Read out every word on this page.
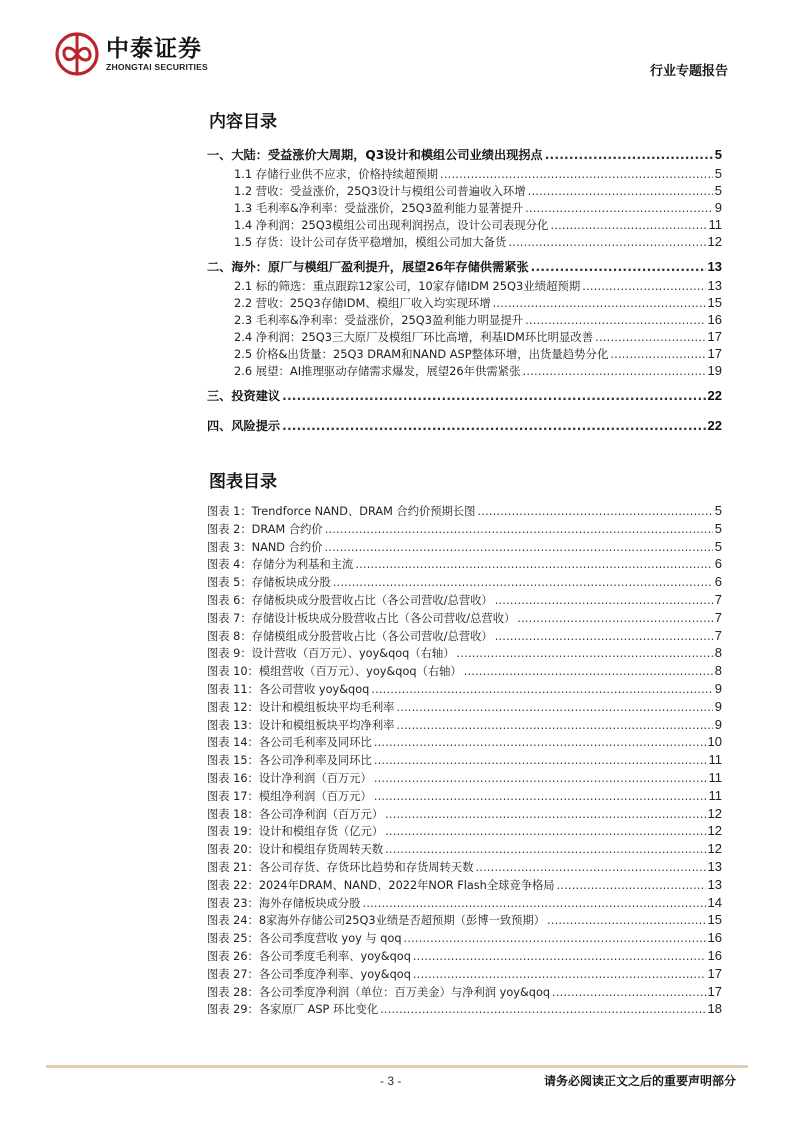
中泰证券
ZHONGTAI SECURITIES	行业专题报告
内容目录
一、大陆：受益涨价大周期，Q3设计和模组公司业绩出现拐点 .....	5
1.1 存储行业供不应求，价格持续超预期 .....	5
1.2 营收：受益涨价，25Q3设计与模组公司普遍收入环增 .....	5
1.3 毛利率&净利率：受益涨价，25Q3盈利能力显著提升 .....	9
1.4 净利润：25Q3模组公司出现利润拐点，设计公司表现分化 .....	11
1.5 存货：设计公司存货平稳增加，模组公司加大备货 .....	12
二、海外：原厂与模组厂盈利提升，展望26年存储供需紧张 .....	13
2.1 标的筛选：重点跟踪12家公司，10家存储IDM 25Q3业绩超预期 .....	13
2.2 营收：25Q3存储IDM、模组厂收入均实现环增 .....	15
2.3 毛利率&净利率：受益涨价，25Q3盈利能力明显提升 .....	16
2.4 净利润：25Q3三大原厂及模组厂环比高增，利基IDM环比明显改善 .....	17
2.5 价格&出货量：25Q3 DRAM和NAND ASP整体环增，出货量趋势分化 .....	17
2.6 展望：AI推理驱动存储需求爆发，展望26年供需紧张 .....	19
三、投资建议 .....	22
四、风险提示 .....	22
图表目录
图表 1：Trendforce NAND、DRAM 合约价预期长图 .....	5
图表 2：DRAM 合约价 .....	5
图表 3：NAND 合约价 .....	5
图表 4：存储分为利基和主流 .....	6
图表 5：存储板块成分股 .....	6
图表 6：存储板块成分股营收占比（各公司营收/总营收） .....	7
图表 7：存储设计板块成分股营收占比（各公司营收/总营收） .....	7
图表 8：存储模组成分股营收占比（各公司营收/总营收） .....	7
图表 9：设计营收（百万元）、yoy&qoq（右轴） .....	8
图表 10：模组营收（百万元）、yoy&qoq（右轴） .....	8
图表 11：各公司营收 yoy&qoq .....	9
图表 12：设计和模组板块平均毛利率 .....	9
图表 13：设计和模组板块平均净利率 .....	9
图表 14：各公司毛利率及同环比 .....	10
图表 15：各公司净利率及同环比 .....	11
图表 16：设计净利润（百万元） .....	11
图表 17：模组净利润（百万元） .....	11
图表 18：各公司净利润（百万元） .....	12
图表 19：设计和模组存货（亿元） .....	12
图表 20：设计和模组存货周转天数 .....	12
图表 21：各公司存货、存货环比趋势和存货周转天数 .....	13
图表 22：2024年DRAM、NAND、2022年NOR Flash全球竞争格局 .....	13
图表 23：海外存储板块成分股 .....	14
图表 24：8家海外存储公司25Q3业绩是否超预期（彭博一致预期） .....	15
图表 25：各公司季度营收 yoy 与 qoq .....	16
图表 26：各公司季度毛利率、yoy&qoq .....	16
图表 27：各公司季度净利率、yoy&qoq .....	17
图表 28：各公司季度净利润（单位：百万美金）与净利润 yoy&qoq .....	17
图表 29：各家原厂 ASP 环比变化 .....	18
- 3 -	请务必阅读正文之后的重要声明部分
